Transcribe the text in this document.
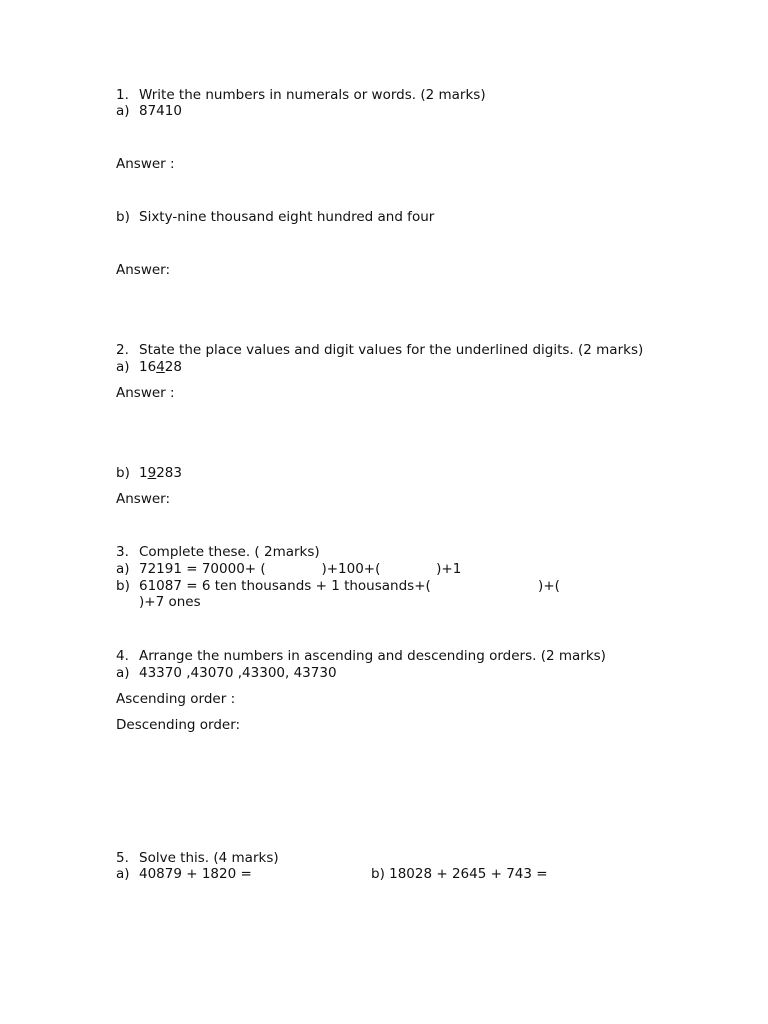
1. Write the numbers in numerals or words. (2 marks)
a) 87410
Answer :
b) Sixty-nine thousand eight hundred and four
Answer:
2. State the place values and digit values for the underlined digits. (2 marks)
a) 16428
Answer :
b) 19283
Answer:
3. Complete these. ( 2marks)
a) 72191 = 70000+ (             )+100+(             )+1
b) 61087 = 6 ten thousands + 1 thousands+(                         )+(
)+7 ones
4. Arrange the numbers in ascending and descending orders. (2 marks)
a) 43370 ,43070 ,43300, 43730
Ascending order :
Descending order:
5. Solve this. (4 marks)
a) 40879 + 1820 =	b) 18028 + 2645 + 743 =
